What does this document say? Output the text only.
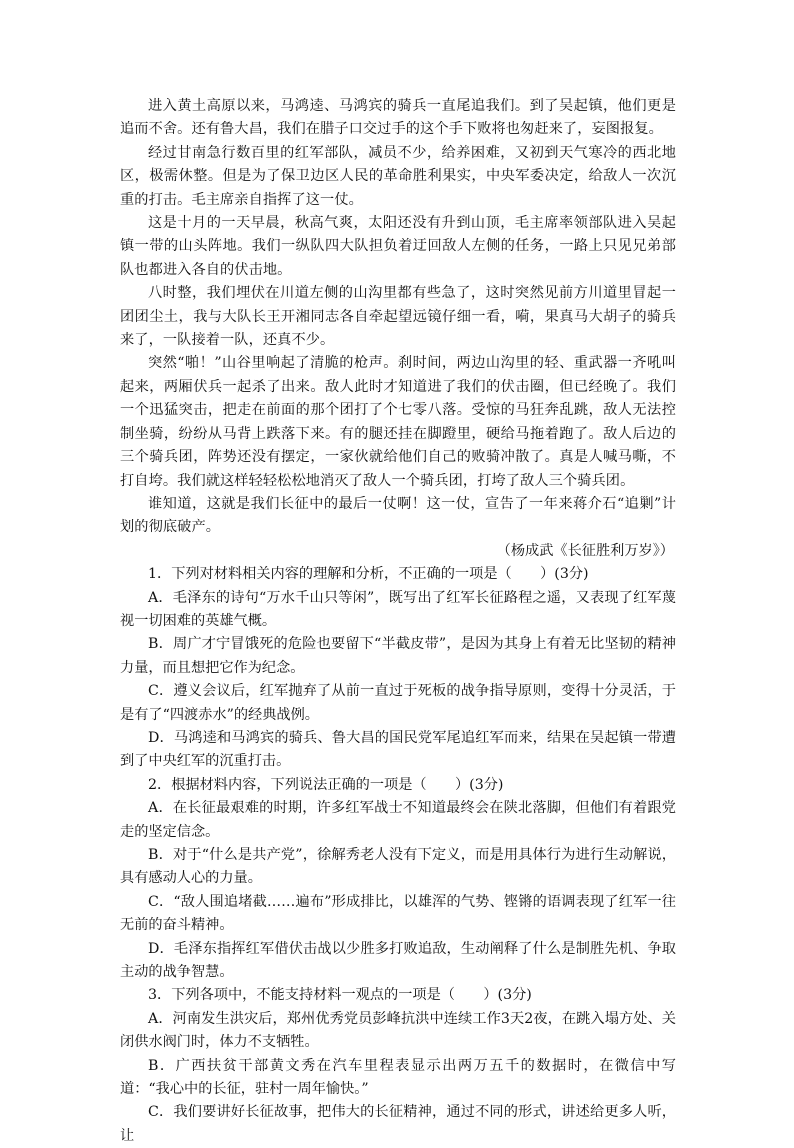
进入黄土高原以来，马鸿逵、马鸿宾的骑兵一直尾追我们。到了吴起镇，他们更是追而不舍。还有鲁大昌，我们在腊子口交过手的这个手下败将也匆赶来了，妄图报复。

经过甘南急行数百里的红军部队，减员不少，给养困难，又初到天气寒冷的西北地区，极需休整。但是为了保卫边区人民的革命胜利果实，中央军委决定，给敌人一次沉重的打击。毛主席亲自指挥了这一仗。

这是十月的一天早晨，秋高气爽，太阳还没有升到山顶，毛主席率领部队进入吴起镇一带的山头阵地。我们一纵队四大队担负着迂回敌人左侧的任务，一路上只见兄弟部队也都进入各自的伏击地。

八时整，我们埋伏在川道左侧的山沟里都有些急了，这时突然见前方川道里冒起一团团尘土，我与大队长王开湘同志各自牵起望远镜仔细一看，嗬，果真马大胡子的骑兵来了，一队接着一队，还真不少。

突然“啪！”山谷里响起了清脆的枪声。刹时间，两边山沟里的轻、重武器一齐吼叫起来，两厢伏兵一起杀了出来。敌人此时才知道进了我们的伏击圈，但已经晚了。我们一个迅猛突击，把走在前面的那个团打了个七零八落。受惊的马狂奔乱跳，敌人无法控制坐骑，纷纷从马背上跌落下来。有的腿还挂在脚蹬里，硬给马拖着跑了。敌人后边的三个骑兵团，阵势还没有摆定，一家伙就给他们自己的败骑冲散了。真是人喊马嘶，不打自垮。我们就这样轻轻松松地消灭了敌人一个骑兵团，打垮了敌人三个骑兵团。

谁知道，这就是我们长征中的最后一仗啊！这一仗，宣告了一年来蒋介石“追剿”计划的彻底破产。

（杨成武《长征胜利万岁》）

1．下列对材料相关内容的理解和分析，不正确的一项是（　　）(3分)

A．毛泽东的诗句“万水千山只等闲”，既写出了红军长征路程之遥，又表现了红军蔑视一切困难的英雄气概。

B．周广才宁冒饿死的危险也要留下“半截皮带”，是因为其身上有着无比坚韧的精神力量，而且想把它作为纪念。

C．遵义会议后，红军抛弃了从前一直过于死板的战争指导原则，变得十分灵活，于是有了“四渡赤水”的经典战例。

D．马鸿逵和马鸿宾的骑兵、鲁大昌的国民党军尾追红军而来，结果在吴起镇一带遭到了中央红军的沉重打击。

2．根据材料内容，下列说法正确的一项是（　　）(3分)

A．在长征最艰难的时期，许多红军战士不知道最终会在陕北落脚，但他们有着跟党走的坚定信念。

B．对于“什么是共产党”，徐解秀老人没有下定义，而是用具体行为进行生动解说，具有感动人心的力量。

C．“敌人围追堵截……遍布”形成排比，以雄浑的气势、铿锵的语调表现了红军一往无前的奋斗精神。

D．毛泽东指挥红军借伏击战以少胜多打败追敌，生动阐释了什么是制胜先机、争取主动的战争智慧。

3．下列各项中，不能支持材料一观点的一项是（　　）(3分)

A．河南发生洪灾后，郑州优秀党员彭峰抗洪中连续工作3天2夜，在跳入塌方处、关闭供水阀门时，体力不支牺牲。

B．广西扶贫干部黄文秀在汽车里程表显示出两万五千的数据时，在微信中写道：“我心中的长征，驻村一周年愉快。”

C．我们要讲好长征故事，把伟大的长征精神，通过不同的形式，讲述给更多人听，让
